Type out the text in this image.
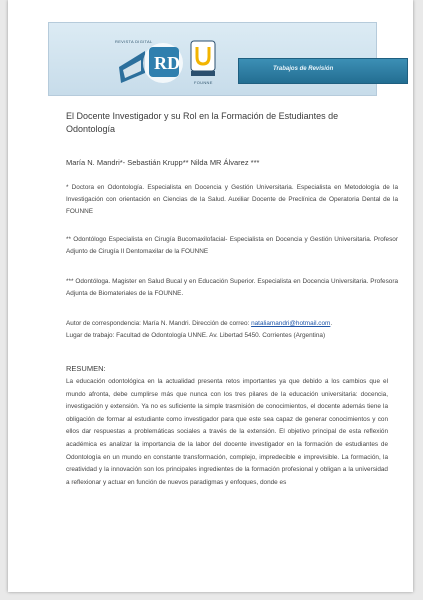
RD
REVISTA DIGITAL
FOUNNE
Trabajos de Revisión
El Docente Investigador y su Rol en la Formación de Estudiantes de Odontología
María N. Mandri*- Sebastián Krupp** Nilda MR Álvarez ***
* Doctora en Odontología. Especialista en Docencia y Gestión Universitaria. Especialista en Metodología de la Investigación con orientación en Ciencias de la Salud. Auxiliar Docente de Preclínica de Operatoria Dental de la FOUNNE
** Odontólogo Especialista en Cirugía Bucomaxilofacial- Especialista en Docencia y Gestión Universitaria. Profesor Adjunto de Cirugía II Dentomaxilar de la FOUNNE
*** Odontóloga. Magister en Salud Bucal y en Educación Superior. Especialista en Docencia Universitaria. Profesora Adjunta de Biomateriales de la FOUNNE.
Autor de correspondencia: María N. Mandri. Dirección de correo: nataliamandri@hotmail.com.
Lugar de trabajo: Facultad de Odontología UNNE. Av. Libertad 5450. Corrientes (Argentina)
RESUMEN:
La educación odontológica en la actualidad presenta retos importantes ya que debido a los cambios que el mundo afronta, debe cumplirse más que nunca con los tres pilares de la educación universitaria: docencia, investigación y extensión. Ya no es suficiente la simple trasmisión de conocimientos, el docente además tiene la obligación de formar al estudiante como investigador para que este sea capaz de generar conocimientos y con ellos dar respuestas a problemáticas sociales a través de la extensión. El objetivo principal de esta reflexión académica es analizar la importancia de la labor del docente investigador en la formación de estudiantes de Odontología en un mundo en constante transformación, complejo, impredecible e imprevisible. La formación, la creatividad y la innovación son los principales ingredientes de la formación profesional y obligan a la universidad a reflexionar y actuar en función de nuevos paradigmas y enfoques, donde es
